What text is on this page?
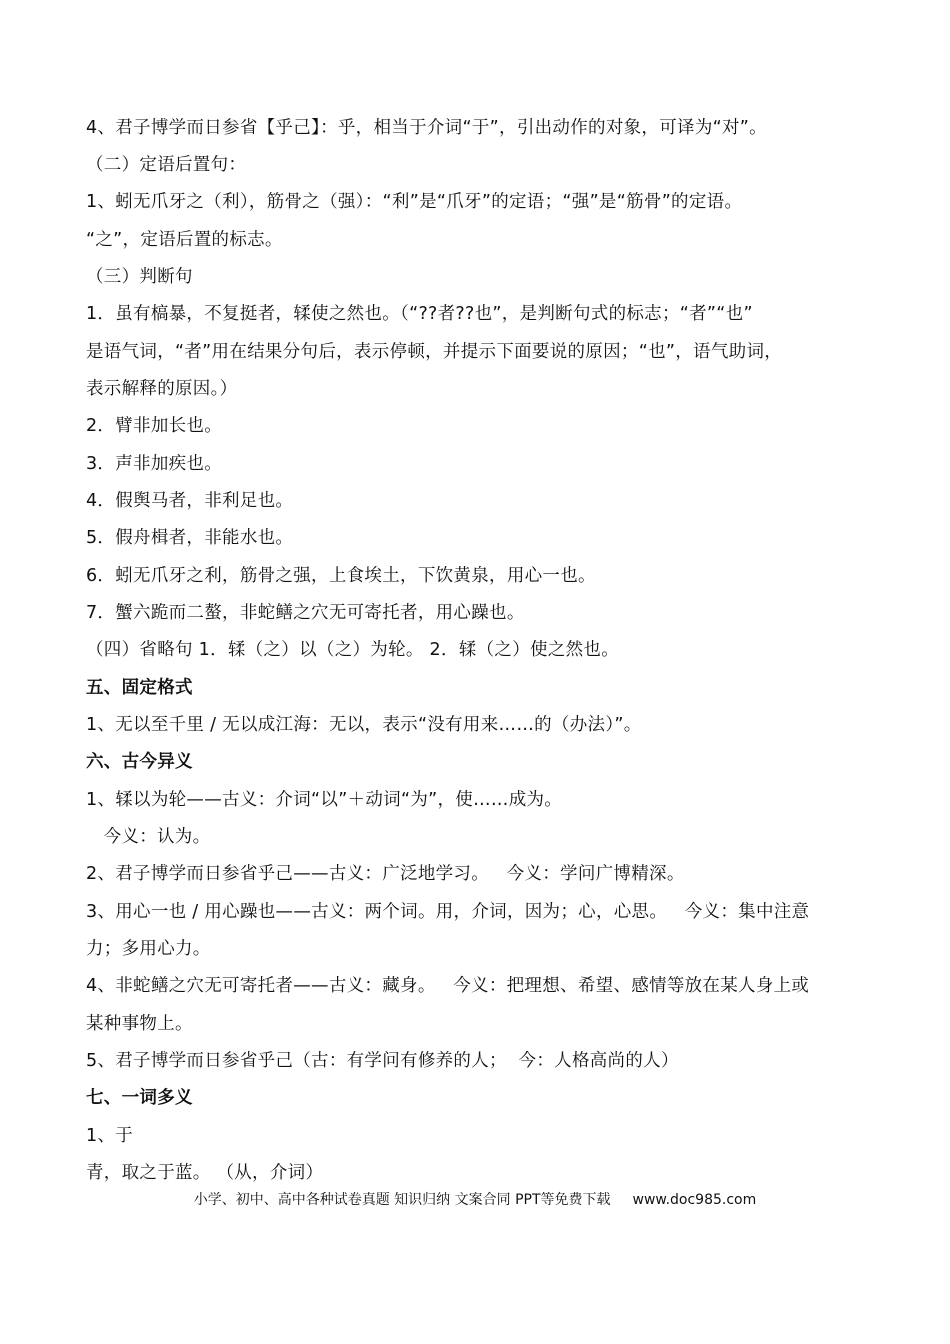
4、君子博学而日参省【乎己】：乎，相当于介词“于”，引出动作的对象，可译为“对”。
（二）定语后置句：
1、蚓无爪牙之（利），筋骨之（强）：“利”是“爪牙”的定语；“强”是“筋骨”的定语。
“之”，定语后置的标志。
（三）判断句
1．虽有槁暴，不复挺者，𫐓使之然也。（“??者??也”，是判断句式的标志；“者”“也”
是语气词，“者”用在结果分句后，表示停顿，并提示下面要说的原因；“也”，语气助词，
表示解释的原因。）
2．臂非加长也。
3．声非加疾也。
4．假舆马者，非利足也。
5．假舟楫者，非能水也。
6．蚓无爪牙之利，筋骨之强，上食埃土，下饮黄泉，用心一也。
7．蟹六跪而二螯，非蛇鳝之穴无可寄托者，用心躁也。
（四）省略句 1．𫐓（之）以（之）为轮。 2．𫐓（之）使之然也。
五、固定格式
1、无以至千里 / 无以成江海：无以，表示“没有用来……的（办法）”。
六、古今异义
1、𫐓以为轮——古义：介词“以”＋动词“为”，使……成为。
今义：认为。
2、君子博学而日参省乎己——古义：广泛地学习。   今义：学问广博精深。
3、用心一也 / 用心躁也——古义：两个词。用，介词，因为；心，心思。   今义：集中注意
力；多用心力。
4、非蛇鳝之穴无可寄托者——古义：藏身。   今义：把理想、希望、感情等放在某人身上或
某种事物上。
5、君子博学而日参省乎己（古：有学问有修养的人；  今：人格高尚的人）
七、一词多义
1、于
青，取之于蓝。 （从，介词）
小学、初中、高中各种试卷真题 知识归纳 文案合同 PPT等免费下载 www.doc985.com
